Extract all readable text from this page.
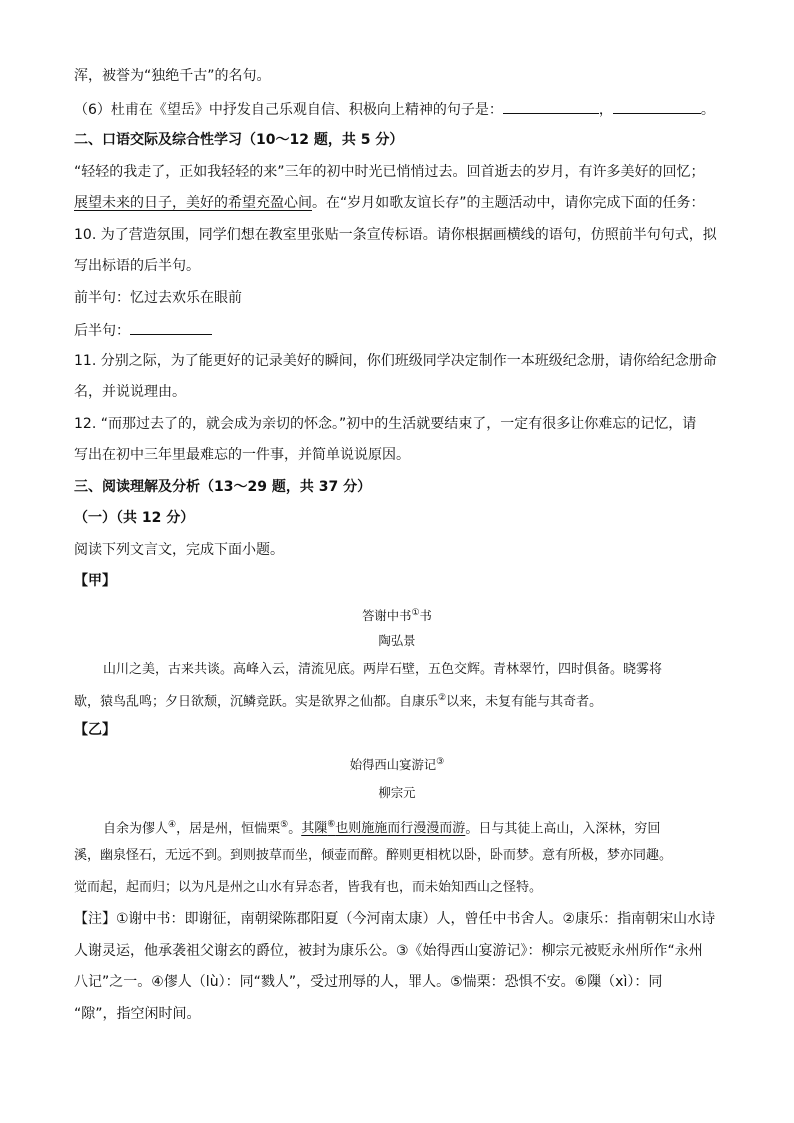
浑，被誉为“独绝千古”的名句。
（6）杜甫在《望岳》中抒发自己乐观自信、积极向上精神的句子是：	，	。
二、口语交际及综合性学习（10～12 题，共 5 分）
“轻轻的我走了，正如我轻轻的来”三年的初中时光已悄悄过去。回首逝去的岁月，有许多美好的回忆；
展望未来的日子，美好的希望充盈心间。在“岁月如歌友谊长存”的主题活动中，请你完成下面的任务：
10. 为了营造氛围，同学们想在教室里张贴一条宣传标语。请你根据画横线的语句，仿照前半句句式，拟
写出标语的后半句。
前半句：忆过去欢乐在眼前
后半句：
11. 分别之际，为了能更好的记录美好的瞬间，你们班级同学决定制作一本班级纪念册，请你给纪念册命
名，并说说理由。
12. “而那过去了的，就会成为亲切的怀念。”初中的生活就要结束了，一定有很多让你难忘的记忆，请
写出在初中三年里最难忘的一件事，并简单说说原因。
三、阅读理解及分析（13～29 题，共 37 分）
（一）（共 12 分）
阅读下列文言文，完成下面小题。
【甲】
答谢中书①书
陶弘景
山川之美，古来共谈。高峰入云，清流见底。两岸石壁，五色交辉。青林翠竹，四时俱备。晓雾将
歇，猿鸟乱鸣；夕日欲颓，沉鳞竞跃。实是欲界之仙都。自康乐②以来，未复有能与其奇者。
【乙】
始得西山宴游记③
柳宗元
自余为僇人④，居是州，恒惴栗⑤。其隟⑥也则施施而行漫漫而游。日与其徒上高山，入深林，穷回
溪，幽泉怪石，无远不到。到则披草而坐，倾壶而醉。醉则更相枕以卧，卧而梦。意有所极，梦亦同趣。
觉而起，起而归；以为凡是州之山水有异态者，皆我有也，而未始知西山之怪特。
【注】①谢中书：即谢征，南朝梁陈郡阳夏（今河南太康）人，曾任中书舍人。②康乐：指南朝宋山水诗
人谢灵运，他承袭祖父谢玄的爵位，被封为康乐公。③《始得西山宴游记》：柳宗元被贬永州所作“永州
八记”之一。④僇人（lù）：同“戮人”，受过刑辱的人，罪人。⑤惴栗：恐惧不安。⑥隟（xì）：同
“隙”，指空闲时间。
